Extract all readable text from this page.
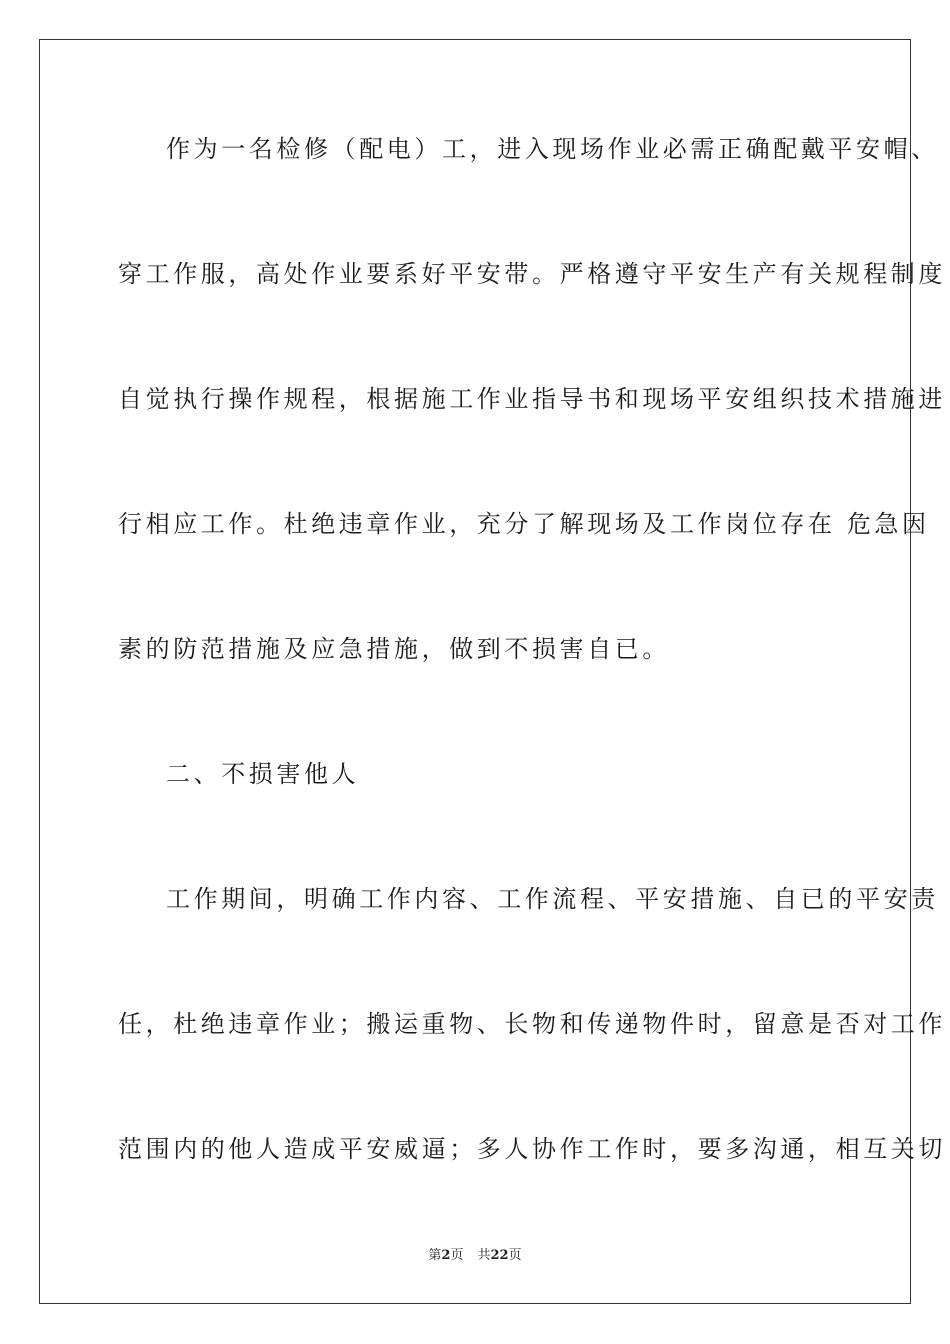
作为一名检修（配电）工，进入现场作业必需正确配戴平安帽、
穿工作服，高处作业要系好平安带。严格遵守平安生产有关规程制度
自觉执行操作规程，根据施工作业指导书和现场平安组织技术措施进
行相应工作。杜绝违章作业，充分了解现场及工作岗位存在 危急因
素的防范措施及应急措施，做到不损害自已。
二、不损害他人
工作期间，明确工作内容、工作流程、平安措施、自已的平安责
任，杜绝违章作业；搬运重物、长物和传递物件时，留意是否对工作
范围内的他人造成平安威逼；多人协作工作时，要多沟通，相互关切
第2页 共22页
